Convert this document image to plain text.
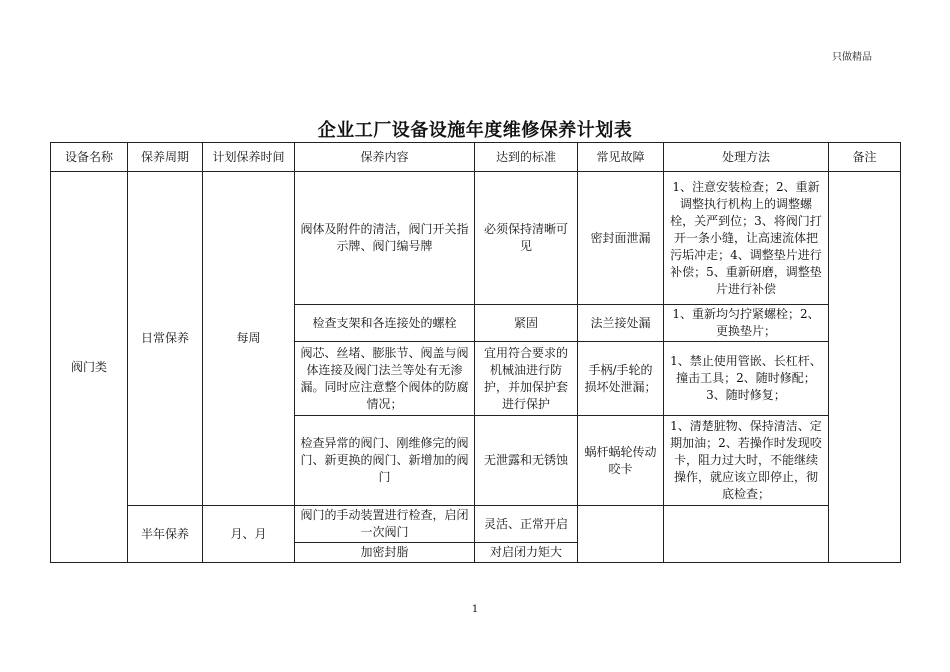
只做精品
企业工厂设备设施年度维修保养计划表
设备名称	保养周期	计划保养时间	保养内容	达到的标准	常见故障	处理方法	备注
阀门类	日常保养	每周	阀体及附件的清洁，阀门开关指示牌、阀门编号牌	必须保持清晰可见	密封面泄漏	1、注意安装检查；2、重新调整执行机构上的调整螺栓，关严到位；3、将阀门打开一条小缝，让高速流体把污垢冲走；4、调整垫片进行补偿；5、重新研磨，调整垫片进行补偿	
			检查支架和各连接处的螺栓	紧固	法兰接处漏	1、重新均匀拧紧螺栓；2、更换垫片；	
			阀芯、丝堵、膨胀节、阀盖与阀体连接及阀门法兰等处有无渗漏。同时应注意整个阀体的防腐情况；	宜用符合要求的机械油进行防护，并加保护套进行保护	手柄/手轮的损坏处泄漏；	1、禁止使用管嵌、长杠杆、撞击工具；2、随时修配；3、随时修复；	
			检查异常的阀门、刚维修完的阀门、新更换的阀门、新增加的阀门	无泄露和无锈蚀	蜗杆蜗轮传动咬卡	1、清楚脏物、保持清洁、定期加油；2、若操作时发现咬卡，阻力过大时，不能继续操作，就应该立即停止，彻底检查；	
	半年保养	月、月	阀门的手动装置进行检查，启闭一次阀门	灵活、正常开启			
			加密封脂	对启闭力矩大			
1
